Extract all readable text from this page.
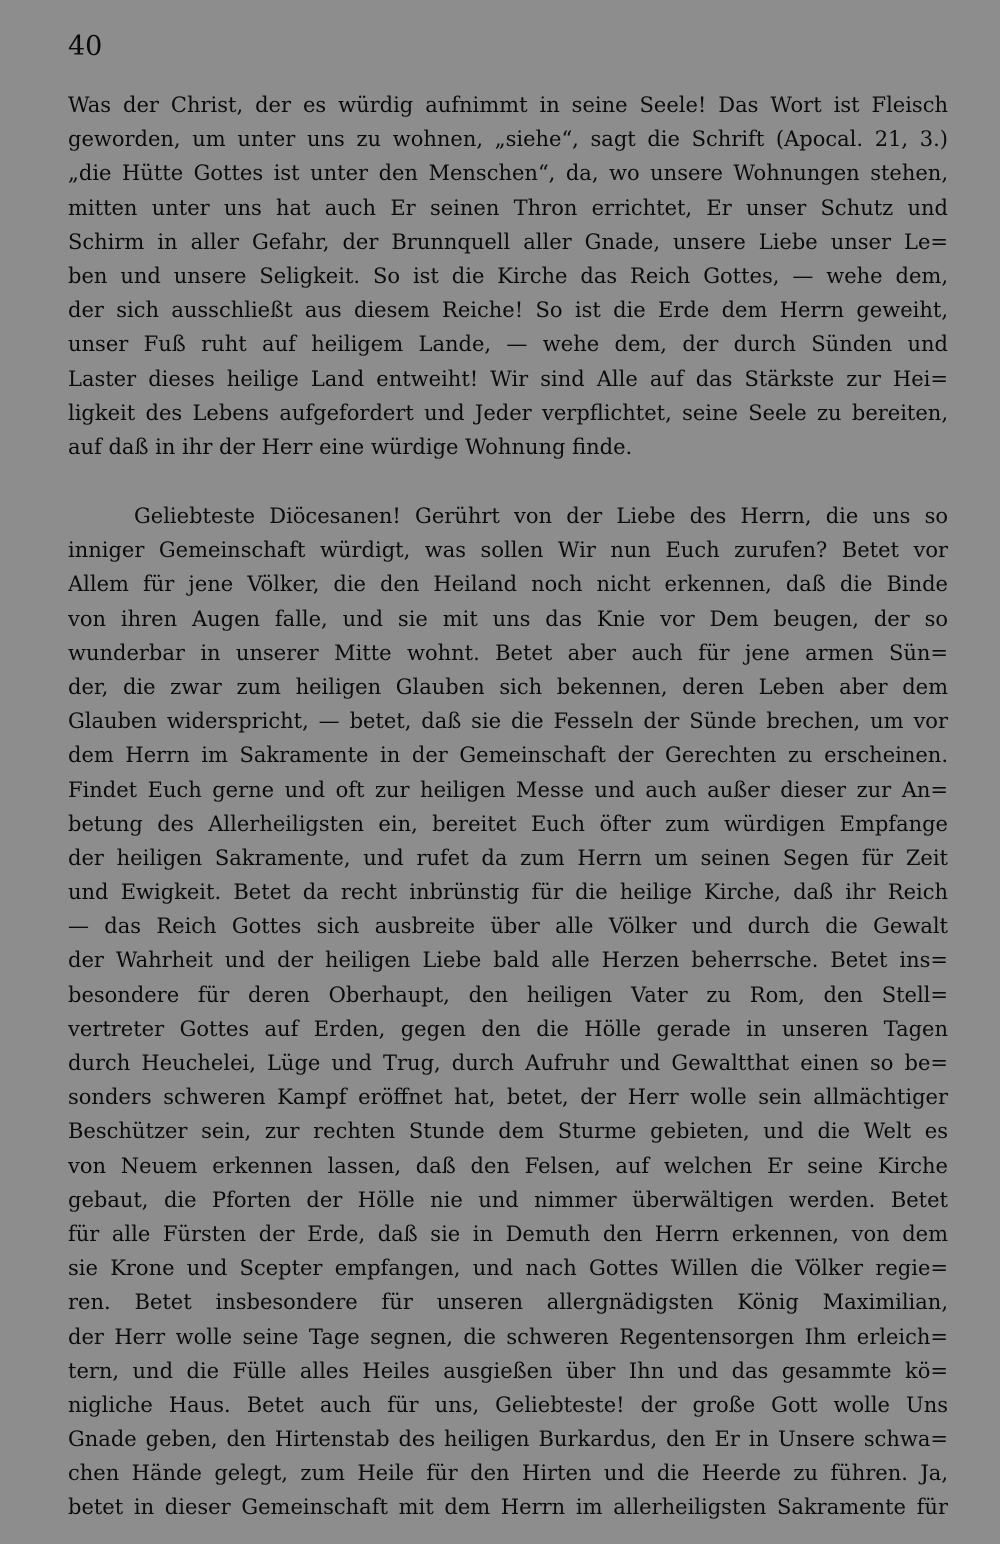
40
Was der Christ, der es würdig aufnimmt in seine Seele! Das Wort ist Fleisch
geworden, um unter uns zu wohnen, „siehe“, sagt die Schrift (Apocal. 21, 3.)
„die Hütte Gottes ist unter den Menschen“, da, wo unsere Wohnungen stehen,
mitten unter uns hat auch Er seinen Thron errichtet, Er unser Schutz und
Schirm in aller Gefahr, der Brunnquell aller Gnade, unsere Liebe unser Le=
ben und unsere Seligkeit. So ist die Kirche das Reich Gottes, — wehe dem,
der sich ausschließt aus diesem Reiche! So ist die Erde dem Herrn geweiht,
unser Fuß ruht auf heiligem Lande, — wehe dem, der durch Sünden und
Laster dieses heilige Land entweiht! Wir sind Alle auf das Stärkste zur Hei=
ligkeit des Lebens aufgefordert und Jeder verpflichtet, seine Seele zu bereiten,
auf daß in ihr der Herr eine würdige Wohnung finde.
Geliebteste Diöcesanen! Gerührt von der Liebe des Herrn, die uns so
inniger Gemeinschaft würdigt, was sollen Wir nun Euch zurufen? Betet vor
Allem für jene Völker, die den Heiland noch nicht erkennen, daß die Binde
von ihren Augen falle, und sie mit uns das Knie vor Dem beugen, der so
wunderbar in unserer Mitte wohnt. Betet aber auch für jene armen Sün=
der, die zwar zum heiligen Glauben sich bekennen, deren Leben aber dem
Glauben widerspricht, — betet, daß sie die Fesseln der Sünde brechen, um vor
dem Herrn im Sakramente in der Gemeinschaft der Gerechten zu erscheinen.
Findet Euch gerne und oft zur heiligen Messe und auch außer dieser zur An=
betung des Allerheiligsten ein, bereitet Euch öfter zum würdigen Empfange
der heiligen Sakramente, und rufet da zum Herrn um seinen Segen für Zeit
und Ewigkeit. Betet da recht inbrünstig für die heilige Kirche, daß ihr Reich
— das Reich Gottes sich ausbreite über alle Völker und durch die Gewalt
der Wahrheit und der heiligen Liebe bald alle Herzen beherrsche. Betet ins=
besondere für deren Oberhaupt, den heiligen Vater zu Rom, den Stell=
vertreter Gottes auf Erden, gegen den die Hölle gerade in unseren Tagen
durch Heuchelei, Lüge und Trug, durch Aufruhr und Gewaltthat einen so be=
sonders schweren Kampf eröffnet hat, betet, der Herr wolle sein allmächtiger
Beschützer sein, zur rechten Stunde dem Sturme gebieten, und die Welt es
von Neuem erkennen lassen, daß den Felsen, auf welchen Er seine Kirche
gebaut, die Pforten der Hölle nie und nimmer überwältigen werden. Betet
für alle Fürsten der Erde, daß sie in Demuth den Herrn erkennen, von dem
sie Krone und Scepter empfangen, und nach Gottes Willen die Völker regie=
ren. Betet insbesondere für unseren allergnädigsten König Maximilian,
der Herr wolle seine Tage segnen, die schweren Regentensorgen Ihm erleich=
tern, und die Fülle alles Heiles ausgießen über Ihn und das gesammte kö=
nigliche Haus. Betet auch für uns, Geliebteste! der große Gott wolle Uns
Gnade geben, den Hirtenstab des heiligen Burkardus, den Er in Unsere schwa=
chen Hände gelegt, zum Heile für den Hirten und die Heerde zu führen. Ja,
betet in dieser Gemeinschaft mit dem Herrn im allerheiligsten Sakramente für
